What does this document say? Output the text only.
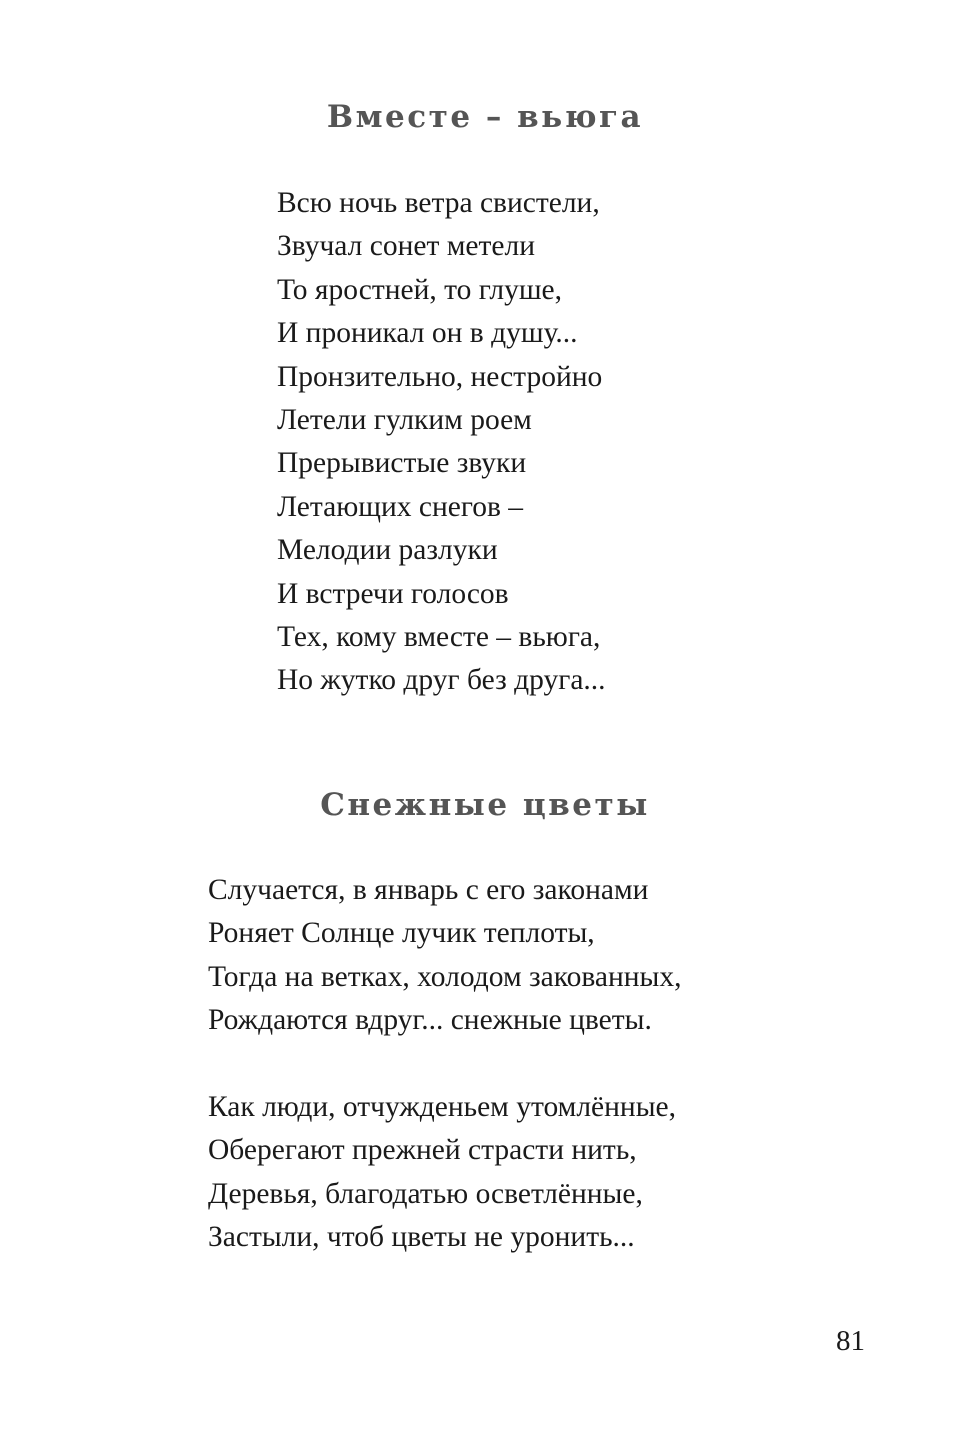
Вместе – вьюга
Всю ночь ветра свистели,
Звучал сонет метели
То яростней, то глуше,
И проникал он в душу...
Пронзительно, нестройно
Летели гулким роем
Прерывистые звуки
Летающих снегов –
Мелодии разлуки
И встречи голосов
Тех, кому вместе – вьюга,
Но жутко друг без друга...
Снежные цветы
Случается, в январь с его законами
Роняет Солнце лучик теплоты,
Тогда на ветках, холодом закованных,
Рождаются вдруг... снежные цветы.
Как люди, отчужденьем утомлённые,
Оберегают прежней страсти нить,
Деревья, благодатью осветлённые,
Застыли, чтоб цветы не уронить...
81
